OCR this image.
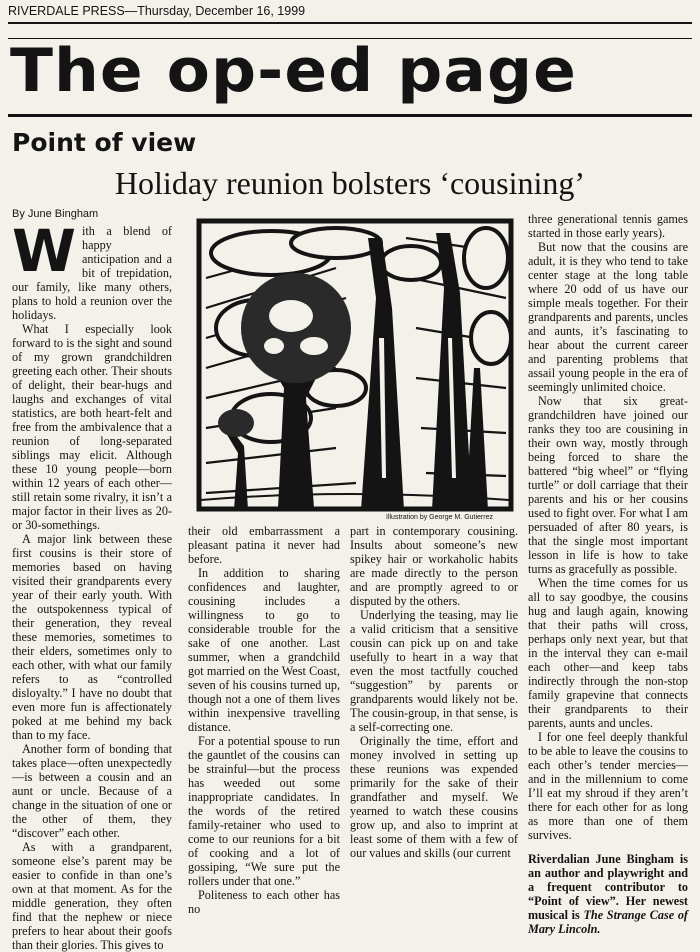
RIVERDALE PRESS—Thursday, December 16, 1999
The op-ed page
Point of view
Holiday reunion bolsters ‘cousining’
By June Bingham

With a blend of happy anticipation and a bit of trepidation, our family, like many others, plans to hold a reunion over the holidays.

What I especially look forward to is the sight and sound of my grown grandchildren greeting each other. Their shouts of delight, their bear-hugs and laughs and exchanges of vital statistics, are both heart-felt and free from the ambivalence that a reunion of long-separated siblings may elicit. Although these 10 young people—born within 12 years of each other—still retain some rivalry, it isn’t a major factor in their lives as 20- or 30-somethings.

A major link between these first cousins is their store of memories based on having visited their grandparents every year of their early youth. With the outspokenness typical of their generation, they reveal these memories, sometimes to their elders, sometimes only to each other, with what our family refers to as “controlled disloyalty.” I have no doubt that even more fun is affectionately poked at me behind my back than to my face.

Another form of bonding that takes place—often unexpectedly—is between a cousin and an aunt or uncle. Because of a change in the situation of one or the other of them, they “discover” each other.

As with a grandparent, someone else’s parent may be easier to confide in than one’s own at that moment. As for the middle generation, they often find that the nephew or niece prefers to hear about their goofs than their glories. This gives to

Illustration by George M. Gutierrez

their old embarrassment a pleasant patina it never had before.

In addition to sharing confidences and laughter, cousining includes a willingness to go to considerable trouble for the sake of one another. Last summer, when a grandchild got married on the West Coast, seven of his cousins turned up, though not a one of them lives within inexpensive travelling distance.

For a potential spouse to run the gauntlet of the cousins can be strainful—but the process has weeded out some inappropriate candidates. In the words of the retired family-retainer who used to come to our reunions for a bit of cooking and a lot of gossiping, “We sure put the rollers under that one.”

Politeness to each other has no

part in contemporary cousining. Insults about someone’s new spikey hair or workaholic habits are made directly to the person and are promptly agreed to or disputed by the others.

Underlying the teasing, may lie a valid criticism that a sensitive cousin can pick up on and take usefully to heart in a way that even the most tactfully couched “suggestion” by parents or grandparents would likely not be. The cousin-group, in that sense, is a self-correcting one.

Originally the time, effort and money involved in setting up these reunions was expended primarily for the sake of their grandfather and myself. We yearned to watch these cousins grow up, and also to imprint at least some of them with a few of our values and skills (our current

three generational tennis games started in those early years).

But now that the cousins are adult, it is they who tend to take center stage at the long table where 20 odd of us have our simple meals together. For their grandparents and parents, uncles and aunts, it’s fascinating to hear about the current career and parenting problems that assail young people in the era of seemingly unlimited choice.

Now that six great-grandchildren have joined our ranks they too are cousining in their own way, mostly through being forced to share the battered “big wheel” or “flying turtle” or doll carriage that their parents and his or her cousins used to fight over. For what I am persuaded of after 80 years, is that the single most important lesson in life is how to take turns as gracefully as possible.

When the time comes for us all to say goodbye, the cousins hug and laugh again, knowing that their paths will cross, perhaps only next year, but that in the interval they can e-mail each other—and keep tabs indirectly through the non-stop family grapevine that connects their grandparents to their parents, aunts and uncles.

I for one feel deeply thankful to be able to leave the cousins to each other’s tender mercies—and in the millennium to come I’ll eat my shroud if they aren’t there for each other for as long as more than one of them survives.

Riverdalian June Bingham is an author and playwright and a frequent contributor to “Point of view”. Her newest musical is The Strange Case of Mary Lincoln.
